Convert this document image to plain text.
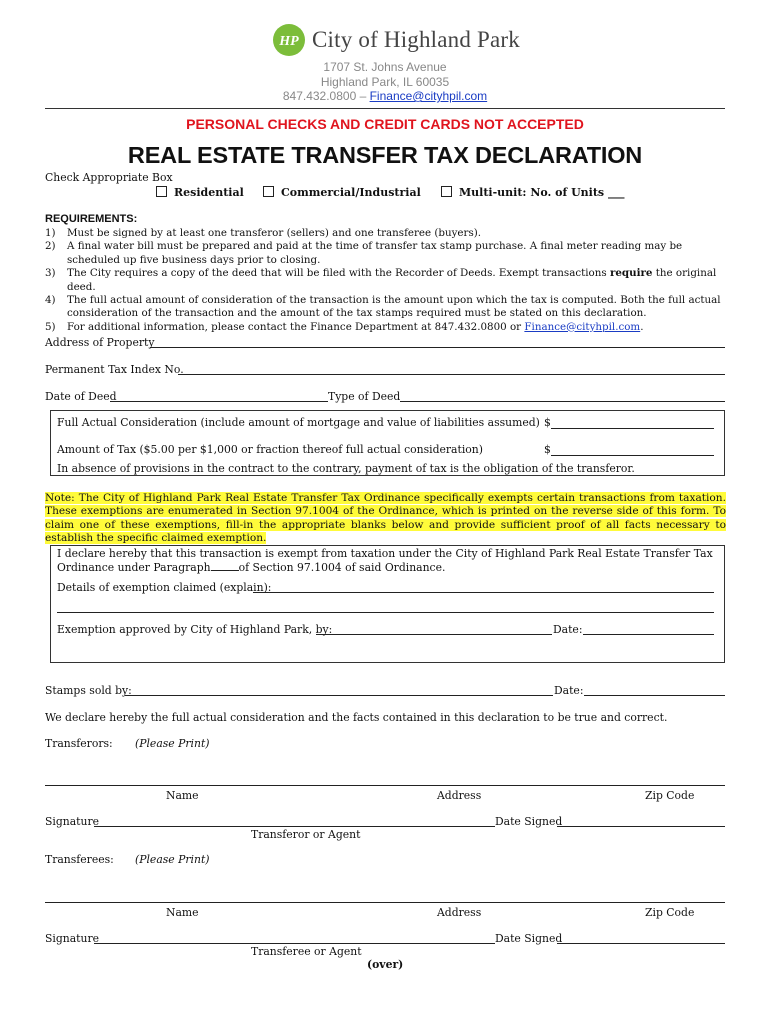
HP City of Highland Park
1707 St. Johns Avenue
Highland Park, IL 60035
847.432.0800 – Finance@cityhpil.com
PERSONAL CHECKS AND CREDIT CARDS NOT ACCEPTED
REAL ESTATE TRANSFER TAX DECLARATION
Check Appropriate Box
Residential	Commercial/Industrial	Multi-unit: No. of Units ___
REQUIREMENTS:
1)	Must be signed by at least one transferor (sellers) and one transferee (buyers).
2)	A final water bill must be prepared and paid at the time of transfer tax stamp purchase. A final meter reading may be scheduled up five business days prior to closing.
3)	The City requires a copy of the deed that will be filed with the Recorder of Deeds. Exempt transactions require the original deed.
4)	The full actual amount of consideration of the transaction is the amount upon which the tax is computed. Both the full actual consideration of the transaction and the amount of the tax stamps required must be stated on this declaration.
5)	For additional information, please contact the Finance Department at 847.432.0800 or Finance@cityhpil.com.
Address of Property
Permanent Tax Index No.
Date of Deed	Type of Deed
Full Actual Consideration (include amount of mortgage and value of liabilities assumed) $
Amount of Tax ($5.00 per $1,000 or fraction thereof full actual consideration)	$
In absence of provisions in the contract to the contrary, payment of tax is the obligation of the transferor.
Note: The City of Highland Park Real Estate Transfer Tax Ordinance specifically exempts certain transactions from taxation. These exemptions are enumerated in Section 97.1004 of the Ordinance, which is printed on the reverse side of this form. To claim one of these exemptions, fill-in the appropriate blanks below and provide sufficient proof of all facts necessary to establish the specific claimed exemption.
I declare hereby that this transaction is exempt from taxation under the City of Highland Park Real Estate Transfer Tax
Ordinance under Paragraph	of Section 97.1004 of said Ordinance.
Details of exemption claimed (explain):
Exemption approved by City of Highland Park, by:	Date:
Stamps sold by:	Date:
We declare hereby the full actual consideration and the facts contained in this declaration to be true and correct.
Transferors: (Please Print)
Name	Address	Zip Code
Signature	Date Signed
Transferor or Agent
Transferees: (Please Print)
Name	Address	Zip Code
Signature	Date Signed
Transferee or Agent
(over)
